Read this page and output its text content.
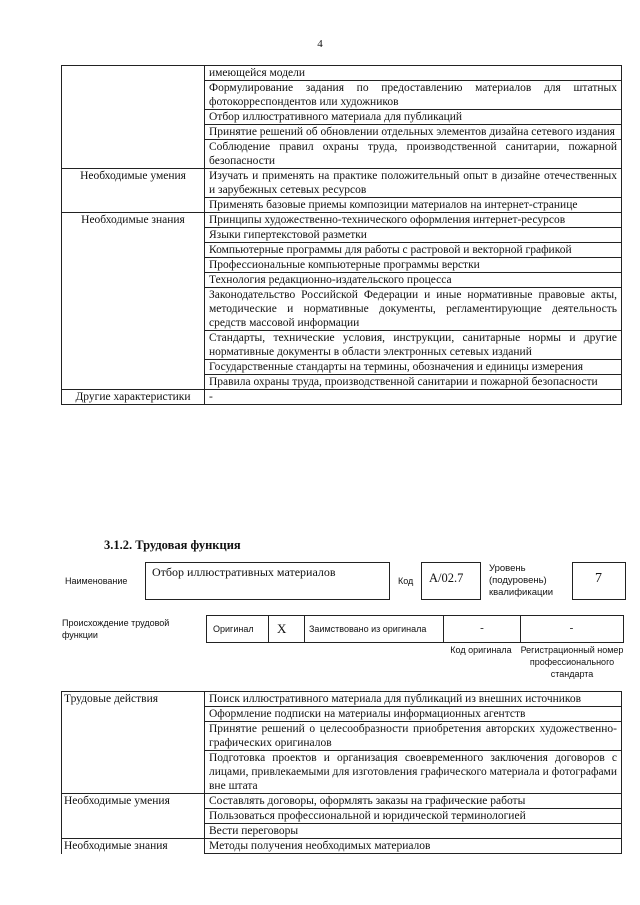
4
	имеющейся модели
	Формулирование задания по предоставлению материалов для штатных фотокорреспондентов или художников
	Отбор иллюстративного материала для публикаций
	Принятие решений об обновлении отдельных элементов дизайна сетевого издания
	Соблюдение правил охраны труда, производственной санитарии, пожарной безопасности
Необходимые умения	Изучать и применять на практике положительный опыт в дизайне отечественных и зарубежных сетевых ресурсов
	Применять базовые приемы композиции материалов на интернет-странице
Необходимые знания	Принципы художественно-технического оформления интернет-ресурсов
	Языки гипертекстовой разметки
	Компьютерные программы для работы с растровой и векторной графикой
	Профессиональные компьютерные программы верстки
	Технология редакционно-издательского процесса
	Законодательство Российской Федерации и иные нормативные правовые акты, методические и нормативные документы, регламентирующие деятельность средств массовой информации
	Стандарты, технические условия, инструкции, санитарные нормы и другие нормативные документы в области электронных сетевых изданий
	Государственные стандарты на термины, обозначения и единицы измерения
	Правила охраны труда, производственной санитарии и пожарной безопасности
Другие характеристики	-
3.1.2. Трудовая функция
Наименование
Отбор иллюстративных материалов
Код А/02.7
Уровень (подуровень) квалификации
7
Происхождение трудовой функции
Оригинал X	Заимствовано из оригинала	-	-
Код оригинала Регистрационный номер профессионального стандарта
Трудовые действия	Поиск иллюстративного материала для публикаций из внешних источников
	Оформление подписки на материалы информационных агентств
	Принятие решений о целесообразности приобретения авторских художественно-графических оригиналов
	Подготовка проектов и организация своевременного заключения договоров с лицами, привлекаемыми для изготовления графического материала и фотографами вне штата
Необходимые умения	Составлять договоры, оформлять заказы на графические работы
	Пользоваться профессиональной и юридической терминологией
	Вести переговоры
Необходимые знания	Методы получения необходимых материалов
